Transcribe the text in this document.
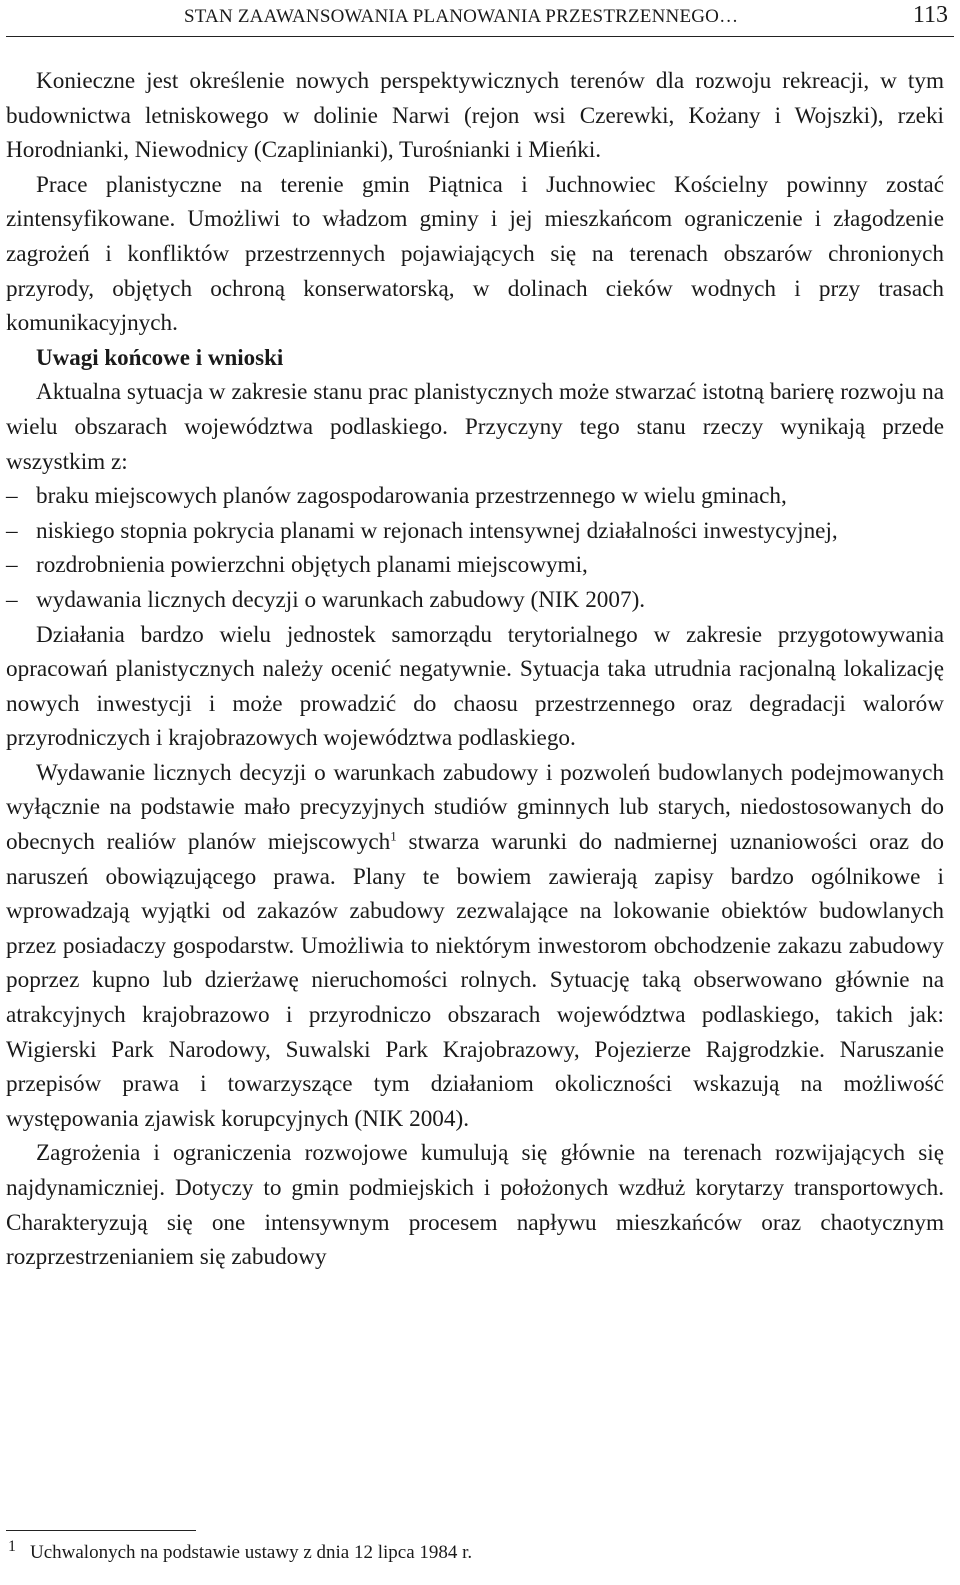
STAN ZAAWANSOWANIA PLANOWANIA PRZESTRZENNEGO…	113

Konieczne jest określenie nowych perspektywicznych terenów dla rozwoju rekreacji, w tym budownictwa letniskowego w dolinie Narwi (rejon wsi Czerewki, Kożany i Wojszki), rzeki Horodnianki, Niewodnicy (Czaplinianki), Turośnianki i Mieńki.

Prace planistyczne na terenie gmin Piątnica i Juchnowiec Kościelny powinny zostać zintensyfikowane. Umożliwi to władzom gminy i jej mieszkańcom ograniczenie i złagodzenie zagrożeń i konfliktów przestrzennych pojawiających się na terenach obszarów chronionych przyrody, objętych ochroną konserwatorską, w dolinach cieków wodnych i przy trasach komunikacyjnych.

Uwagi końcowe i wnioski

Aktualna sytuacja w zakresie stanu prac planistycznych może stwarzać istotną barierę rozwoju na wielu obszarach województwa podlaskiego. Przyczyny tego stanu rzeczy wynikają przede wszystkim z:

– braku miejscowych planów zagospodarowania przestrzennego w wielu gminach,
– niskiego stopnia pokrycia planami w rejonach intensywnej działalności inwestycyjnej,
– rozdrobnienia powierzchni objętych planami miejscowymi,
– wydawania licznych decyzji o warunkach zabudowy (NIK 2007).

Działania bardzo wielu jednostek samorządu terytorialnego w zakresie przygotowywania opracowań planistycznych należy ocenić negatywnie. Sytuacja taka utrudnia racjonalną lokalizację nowych inwestycji i może prowadzić do chaosu przestrzennego oraz degradacji walorów przyrodniczych i krajobrazowych województwa podlaskiego.

Wydawanie licznych decyzji o warunkach zabudowy i pozwoleń budowlanych podejmowanych wyłącznie na podstawie mało precyzyjnych studiów gminnych lub starych, niedostosowanych do obecnych realiów planów miejscowych$^1$ stwarza warunki do nadmiernej uznaniowości oraz do naruszeń obowiązującego prawa. Plany te bowiem zawierają zapisy bardzo ogólnikowe i wprowadzają wyjątki od zakazów zabudowy zezwalające na lokowanie obiektów budowlanych przez posiadaczy gospodarstw. Umożliwia to niektórym inwestorom obchodzenie zakazu zabudowy poprzez kupno lub dzierżawę nieruchomości rolnych. Sytuację taką obserwowano głównie na atrakcyjnych krajobrazowo i przyrodniczo obszarach województwa podlaskiego, takich jak: Wigierski Park Narodowy, Suwalski Park Krajobrazowy, Pojezierze Rajgrodzkie. Naruszanie przepisów prawa i towarzyszące tym działaniom okoliczności wskazują na możliwość występowania zjawisk korupcyjnych (NIK 2004).

Zagrożenia i ograniczenia rozwojowe kumulują się głównie na terenach rozwijających się najdynamiczniej. Dotyczy to gmin podmiejskich i położonych wzdłuż korytarzy transportowych. Charakteryzują się one intensywnym procesem napływu mieszkańców oraz chaotycznym rozprzestrzenianiem się zabudowy

1 Uchwalonych na podstawie ustawy z dnia 12 lipca 1984 r.
